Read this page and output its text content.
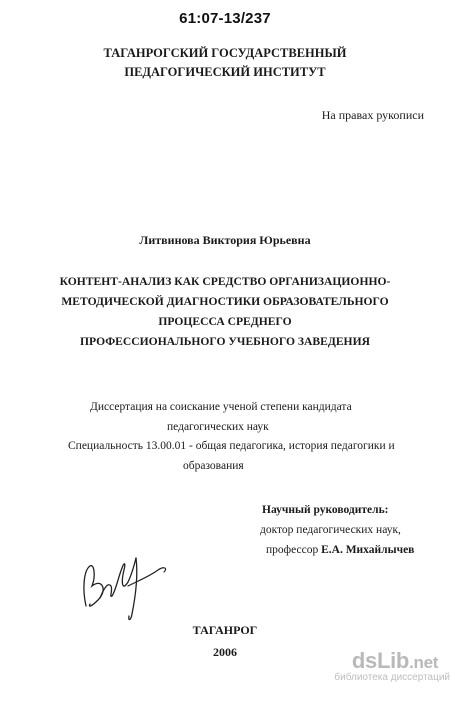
61:07-13/237
ТАГАНРОГСКИЙ ГОСУДАРСТВЕННЫЙ
ПЕДАГОГИЧЕСКИЙ ИНСТИТУТ
На правах рукописи
Литвинова Виктория Юрьевна
КОНТЕНТ-АНАЛИЗ КАК СРЕДСТВО ОРГАНИЗАЦИОННО-
МЕТОДИЧЕСКОЙ ДИАГНОСТИКИ ОБРАЗОВАТЕЛЬНОГО
ПРОЦЕССА СРЕДНЕГО
ПРОФЕССИОНАЛЬНОГО УЧЕБНОГО ЗАВЕДЕНИЯ
Диссертация на соискание ученой степени кандидата
педагогических наук
Специальность 13.00.01 - общая педагогика, история педагогики и
образования
Научный руководитель:
доктор педагогических наук,
профессор Е.А. Михайлычев
ТАГАНРОГ
2006	dsLib.net
библиотека диссертаций
